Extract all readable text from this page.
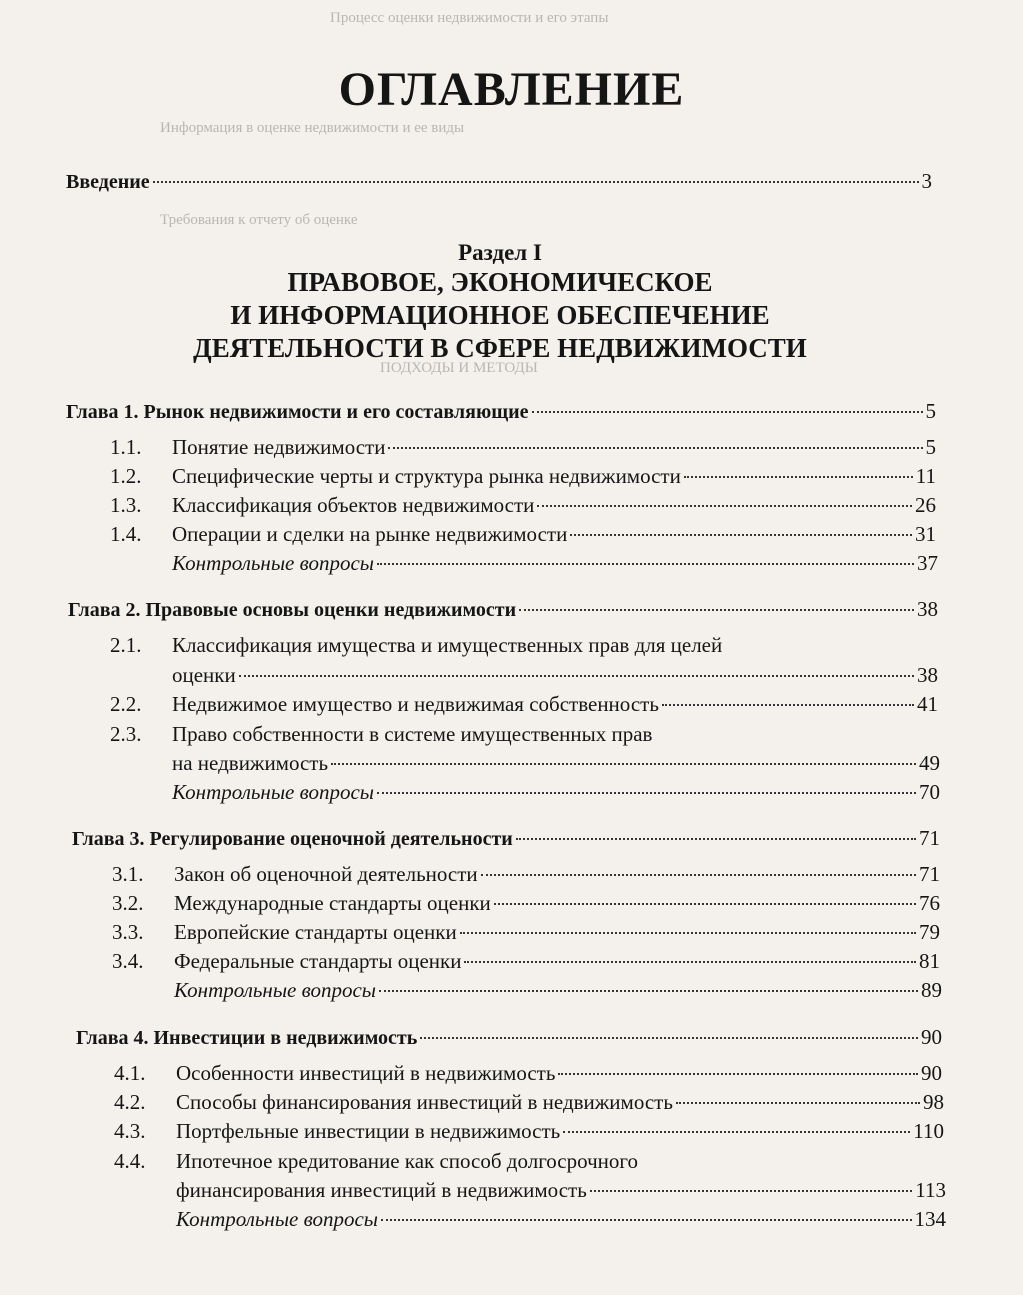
Процесс оценки недвижимости и его этапы
Информация в оценке недвижимости и ее виды
Требования к отчету об оценке
ПОДХОДЫ И МЕТОДЫ
ОГЛАВЛЕНИЕ
Введение	3
Раздел I
ПРАВОВОЕ, ЭКОНОМИЧЕСКОЕ
И ИНФОРМАЦИОННОЕ ОБЕСПЕЧЕНИЕ
ДЕЯТЕЛЬНОСТИ В СФЕРЕ НЕДВИЖИМОСТИ
Глава 1. Рынок недвижимости и его составляющие	5
1.1.	Понятие недвижимости	5
1.2.	Специфические черты и структура рынка недвижимости	11
1.3.	Классификация объектов недвижимости	26
1.4.	Операции и сделки на рынке недвижимости	31
Контрольные вопросы	37
Глава 2. Правовые основы оценки недвижимости	38
2.1. Классификация имущества и имущественных прав для целей
оценки	38
2.2.	Недвижимое имущество и недвижимая собственность	41
2.3. Право собственности в системе имущественных прав
на недвижимость	49
Контрольные вопросы	70
Глава 3. Регулирование оценочной деятельности	71
3.1.	Закон об оценочной деятельности	71
3.2.	Международные стандарты оценки	76
3.3.	Европейские стандарты оценки	79
3.4.	Федеральные стандарты оценки	81
Контрольные вопросы	89
Глава 4. Инвестиции в недвижимость	90
4.1.	Особенности инвестиций в недвижимость	90
4.2.	Способы финансирования инвестиций в недвижимость	98
4.3.	Портфельные инвестиции в недвижимость	110
4.4. Ипотечное кредитование как способ долгосрочного
финансирования инвестиций в недвижимость	113
Контрольные вопросы	134
